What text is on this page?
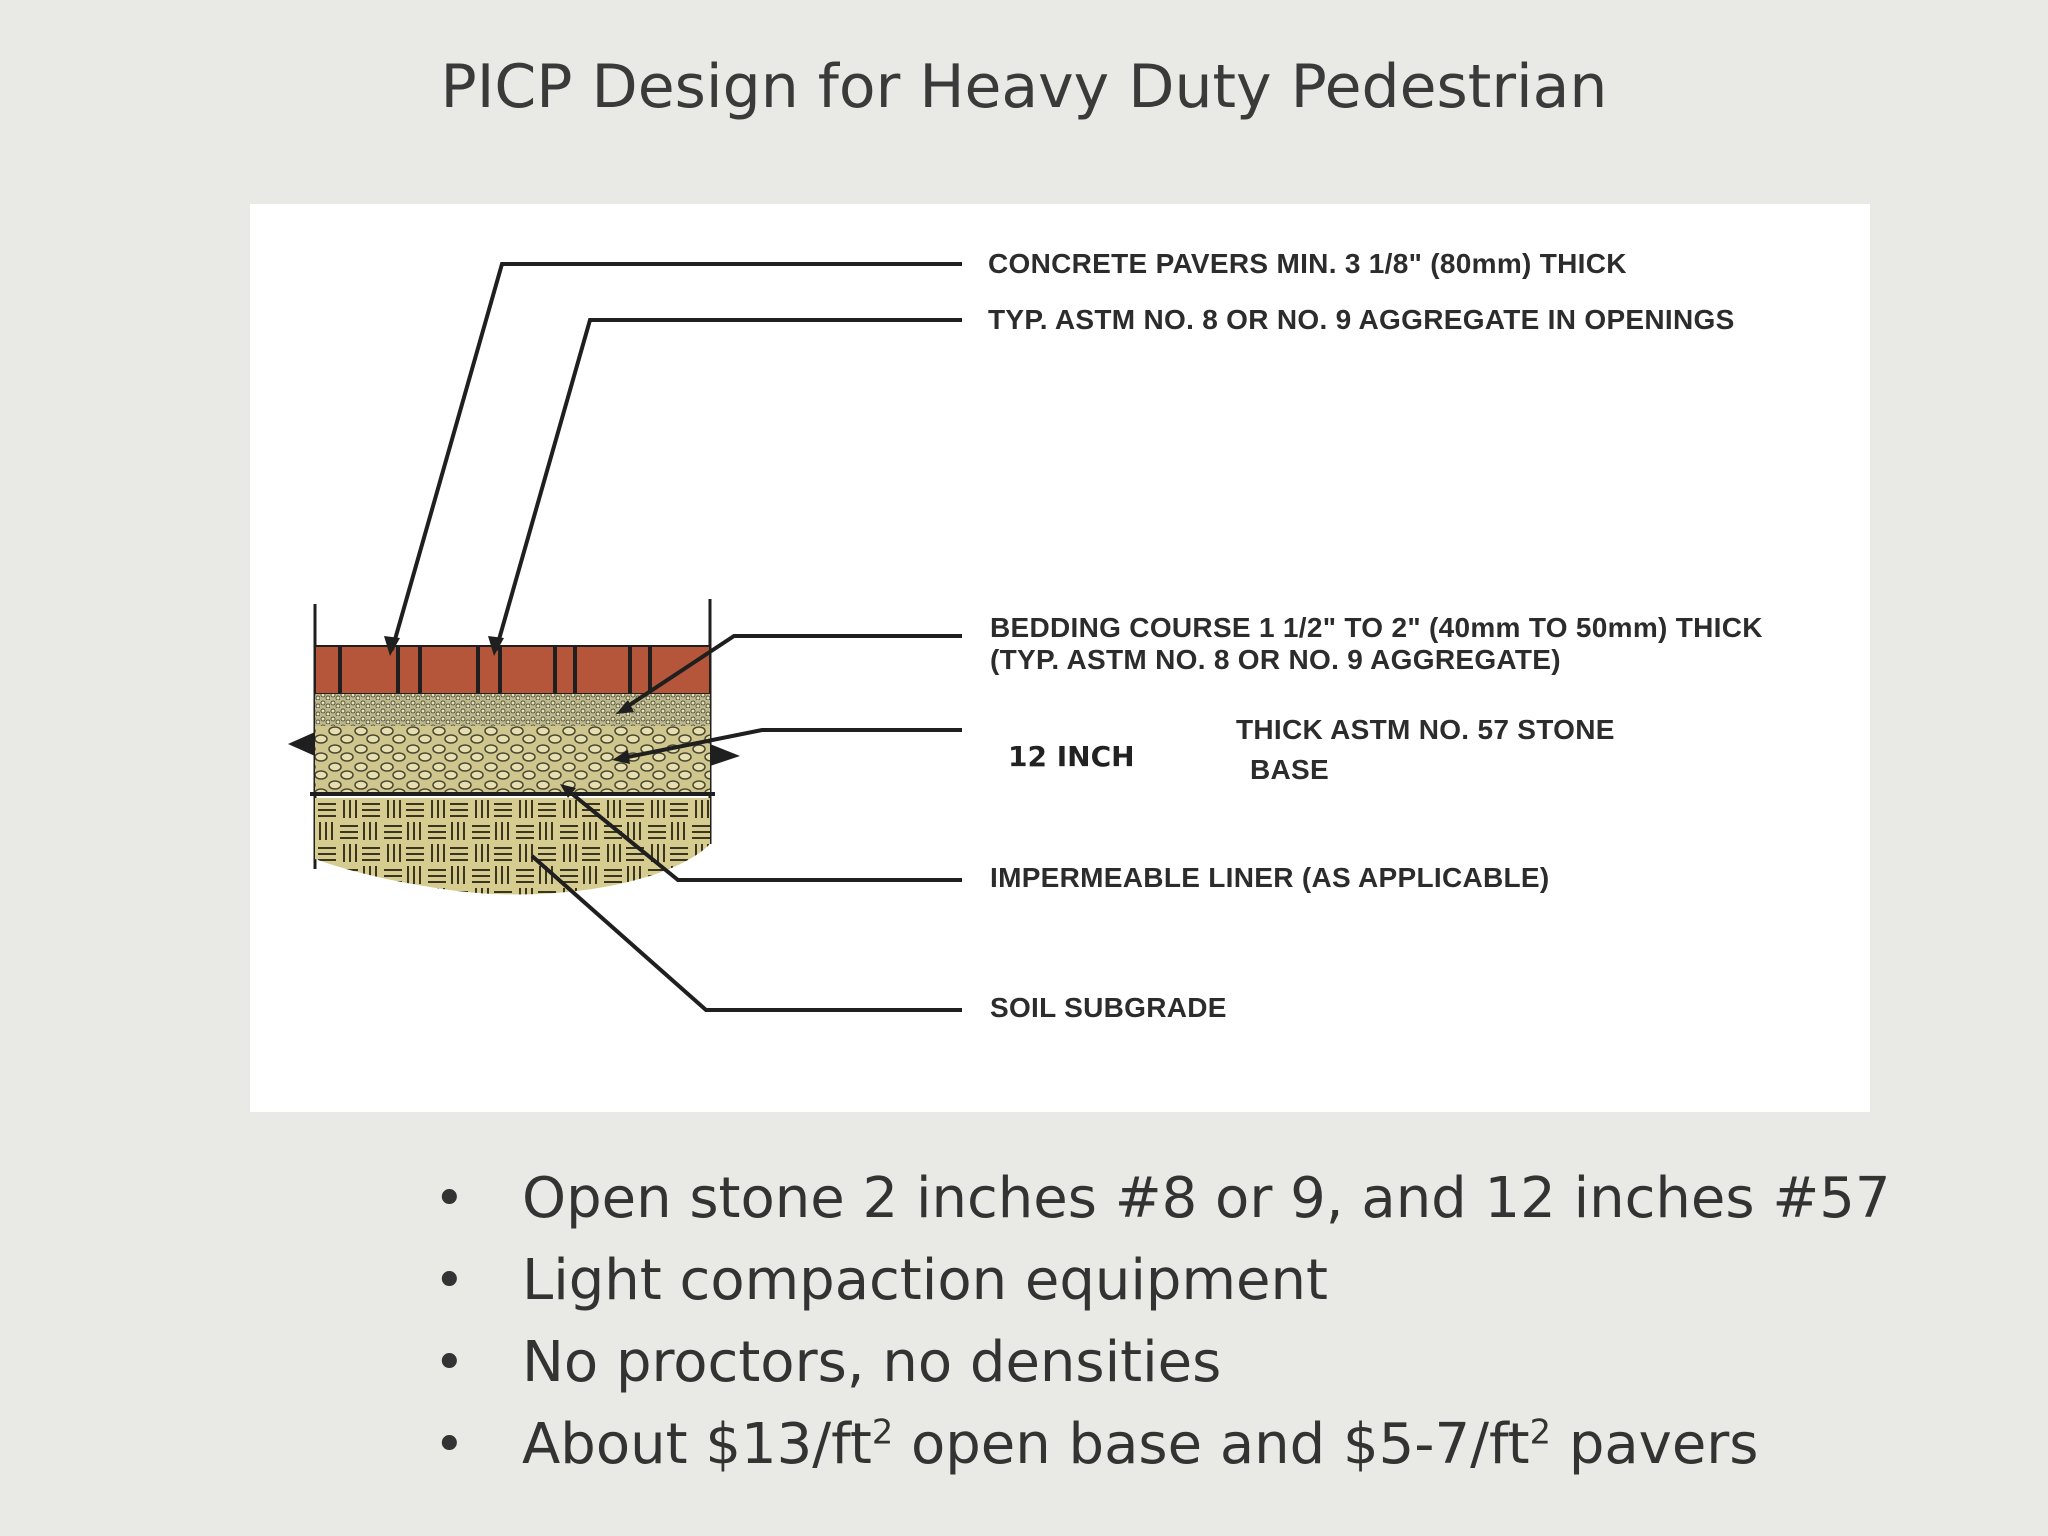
PICP Design for Heavy Duty Pedestrian
CONCRETE PAVERS MIN. 3 1/8" (80mm) THICK
TYP. ASTM NO. 8 OR NO. 9 AGGREGATE IN OPENINGS
BEDDING COURSE 1 1/2" TO 2" (40mm TO 50mm) THICK
(TYP. ASTM NO. 8 OR NO. 9 AGGREGATE)
THICK ASTM NO. 57 STONE
BASE
12 INCH
IMPERMEABLE LINER (AS APPLICABLE)
SOIL SUBGRADE
• Open stone 2 inches #8 or 9, and 12 inches #57
• Light compaction equipment
• No proctors, no densities
• About $\$13/ft^2$ open base and $\$5-7/ft^2$ pavers
